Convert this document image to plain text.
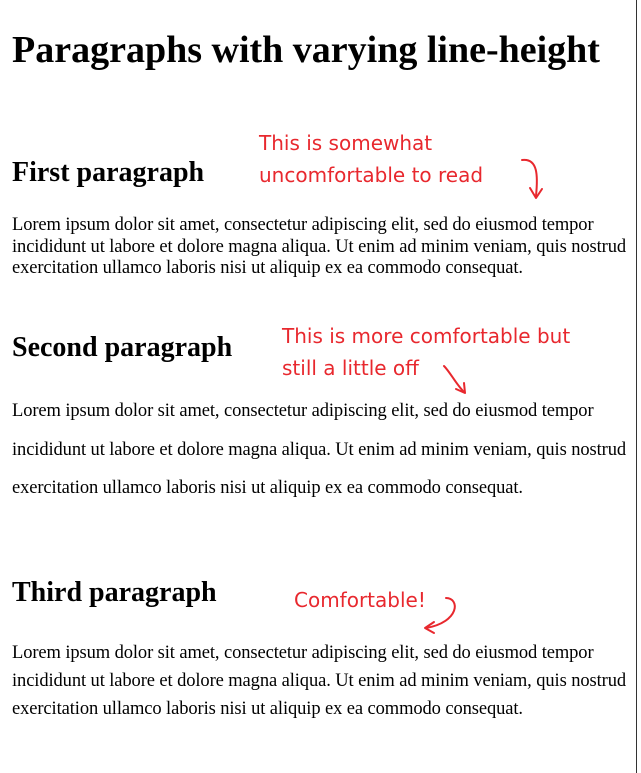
Paragraphs with varying line-height
First paragraph
This is somewhat
uncomfortable to read

Lorem ipsum dolor sit amet, consectetur adipiscing elit, sed do eiusmod tempor incididunt ut labore et dolore magna aliqua. Ut enim ad minim veniam, quis nostrud exercitation ullamco laboris nisi ut aliquip ex ea commodo consequat.

Second paragraph This is more comfortable but
still a little off

Lorem ipsum dolor sit amet, consectetur adipiscing elit, sed do eiusmod tempor incididunt ut labore et dolore magna aliqua. Ut enim ad minim veniam, quis nostrud exercitation ullamco laboris nisi ut aliquip ex ea commodo consequat.

Third paragraph	Comfortable!

Lorem ipsum dolor sit amet, consectetur adipiscing elit, sed do eiusmod tempor incididunt ut labore et dolore magna aliqua. Ut enim ad minim veniam, quis nostrud exercitation ullamco laboris nisi ut aliquip ex ea commodo consequat.
